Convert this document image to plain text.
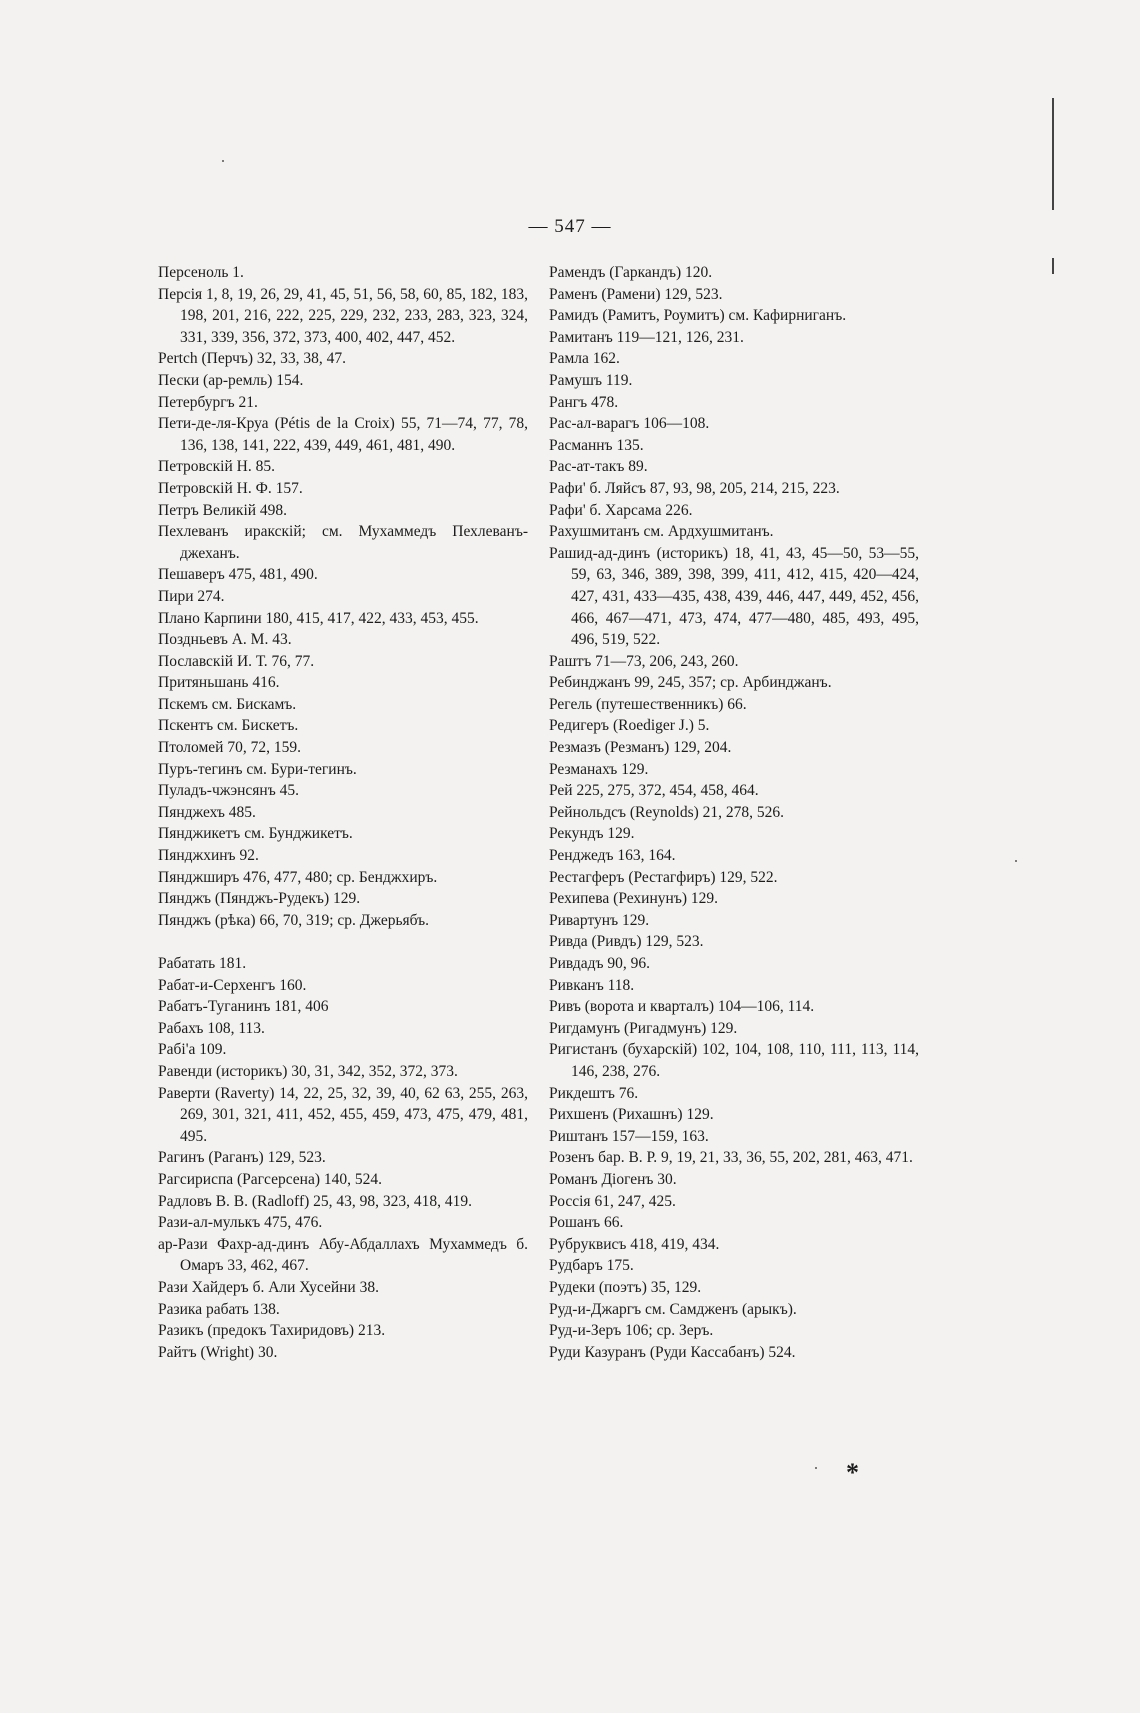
— 547 —
Персеноль 1.
Персія 1, 8, 19, 26, 29, 41, 45, 51, 56, 58, 60, 85, 182, 183, 198, 201, 216, 222, 225, 229, 232, 233, 283, 323, 324, 331, 339, 356, 372, 373, 400, 402, 447, 452.
Pertch (Перчъ) 32, 33, 38, 47.
Пески (ар-ремль) 154.
Петербургъ 21.
Пети-де-ля-Круа (Pétis de la Croix) 55, 71—74, 77, 78, 136, 138, 141, 222, 439, 449, 461, 481, 490.
Петровскій Н. 85.
Петровскій Н. Ф. 157.
Петръ Великій 498.
Пехлеванъ иракскій; см. Мухаммедъ Пехлеванъ-джеханъ.
Пешаверъ 475, 481, 490.
Пири 274.
Плано Карпини 180, 415, 417, 422, 433, 453, 455.
Поздньевъ А. М. 43.
Пославскій И. Т. 76, 77.
Притяньшань 416.
Пскемъ см. Бискамъ.
Пскентъ см. Бискетъ.
Птоломей 70, 72, 159.
Пуръ-тегинъ см. Бури-тегинъ.
Пуладъ-чжэнсянъ 45.
Пянджехъ 485.
Пянджикетъ см. Бунджикетъ.
Пянджхинъ 92.
Пянджширъ 476, 477, 480; ср. Бенджхиръ.
Пянджъ (Пянджъ-Рудекъ) 129.
Пянджъ (рѣка) 66, 70, 319; ср. Джерьябъ.
Рабатать 181.
Рабат-и-Серхенгъ 160.
Рабатъ-Туганинъ 181, 406
Рабахъ 108, 113.
Рабі'а 109.
Равенди (историкъ) 30, 31, 342, 352, 372, 373.
Раверти (Raverty) 14, 22, 25, 32, 39, 40, 62 63, 255, 263, 269, 301, 321, 411, 452, 455, 459, 473, 475, 479, 481, 495.
Рагинъ (Раганъ) 129, 523.
Рагсириспа (Рагсерсена) 140, 524.
Радловъ В. В. (Radloff) 25, 43, 98, 323, 418, 419.
Рази-ал-мулькъ 475, 476.
ар-Рази Фахр-ад-динъ Абу-Абдаллахъ Мухаммедъ б. Омаръ 33, 462, 467.
Рази Хайдеръ б. Али Хусейни 38.
Разика рабать 138.
Разикъ (предокъ Тахиридовъ) 213.
Райтъ (Wright) 30.
Рамендъ (Гаркандъ) 120.
Раменъ (Рамени) 129, 523.
Рамидъ (Рамитъ, Роумитъ) см. Кафирниганъ.
Рамитанъ 119—121, 126, 231.
Рамла 162.
Рамушъ 119.
Рангъ 478.
Рас-ал-варагъ 106—108.
Расманнъ 135.
Рас-ат-такъ 89.
Рафи' б. Ляйсъ 87, 93, 98, 205, 214, 215, 223.
Рафи' б. Харсама 226.
Рахушмитанъ см. Ардхушмитанъ.
Рашид-ад-динъ (историкъ) 18, 41, 43, 45—50, 53—55, 59, 63, 346, 389, 398, 399, 411, 412, 415, 420—424, 427, 431, 433—435, 438, 439, 446, 447, 449, 452, 456, 466, 467—471, 473, 474, 477—480, 485, 493, 495, 496, 519, 522.
Раштъ 71—73, 206, 243, 260.
Ребинджанъ 99, 245, 357; ср. Арбинджанъ.
Регель (путешественникъ) 66.
Редигеръ (Roediger J.) 5.
Резмазъ (Резманъ) 129, 204.
Резманахъ 129.
Рей 225, 275, 372, 454, 458, 464.
Рейнольдсъ (Reynolds) 21, 278, 526.
Рекундъ 129.
Ренджедъ 163, 164.
Рестагферъ (Рестагфиръ) 129, 522.
Рехипева (Рехинунъ) 129.
Ривартунъ 129.
Ривда (Ривдъ) 129, 523.
Ривдадъ 90, 96.
Ривканъ 118.
Ривъ (ворота и кварталъ) 104—106, 114.
Ригдамунъ (Ригадмунъ) 129.
Ригистанъ (бухарскій) 102, 104, 108, 110, 111, 113, 114, 146, 238, 276.
Рикдештъ 76.
Рихшенъ (Рихашнъ) 129.
Риштанъ 157—159, 163.
Розенъ бар. В. Р. 9, 19, 21, 33, 36, 55, 202, 281, 463, 471.
Романъ Діогенъ 30.
Россія 61, 247, 425.
Рошанъ 66.
Рубруквисъ 418, 419, 434.
Рудбаръ 175.
Рудеки (поэтъ) 35, 129.
Руд-и-Джаргъ см. Самдженъ (арыкъ).
Руд-и-Зеръ 106; ср. Зеръ.
Руди Казуранъ (Руди Кассабанъ) 524.
*
